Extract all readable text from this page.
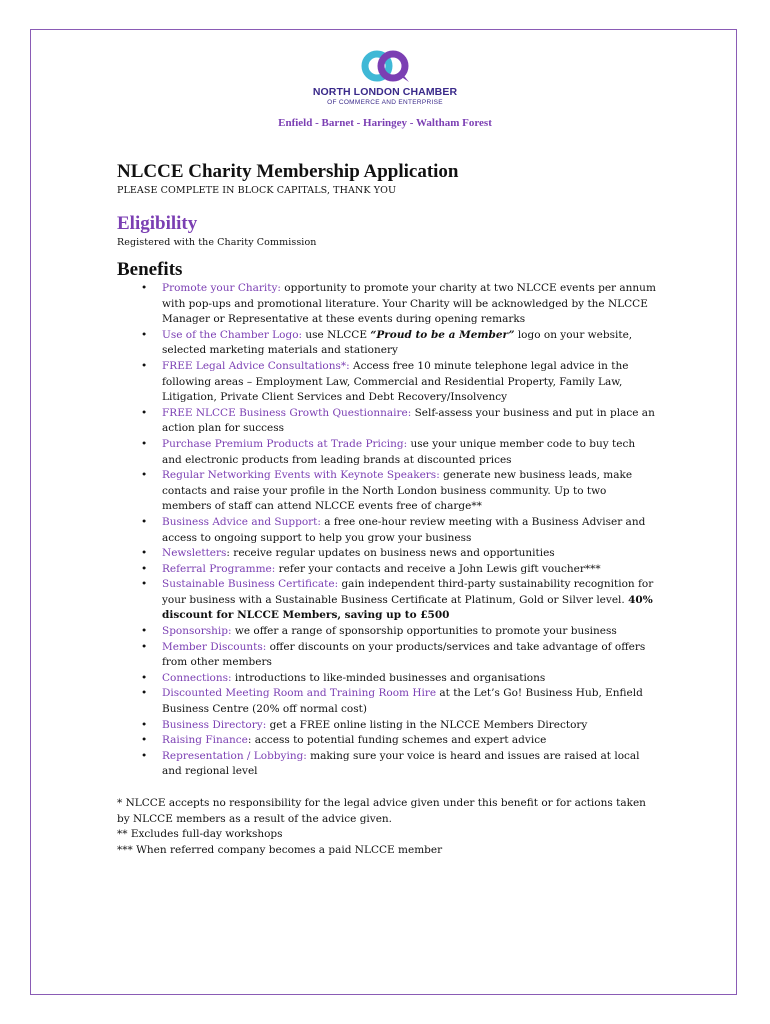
NORTH LONDON CHAMBER
OF COMMERCE AND ENTERPRISE
Enfield - Barnet - Haringey - Waltham Forest
NLCCE Charity Membership Application

PLEASE COMPLETE IN BLOCK CAPITALS, THANK YOU

Eligibility

Registered with the Charity Commission

Benefits
• Promote your Charity: opportunity to promote your charity at two NLCCE events per annum with pop-ups and promotional literature. Your Charity will be acknowledged by the NLCCE Manager or Representative at these events during opening remarks
• Use of the Chamber Logo: use NLCCE “Proud to be a Member” logo on your website, selected marketing materials and stationery
• FREE Legal Advice Consultations*: Access free 10 minute telephone legal advice in the following areas – Employment Law, Commercial and Residential Property, Family Law, Litigation, Private Client Services and Debt Recovery/Insolvency
• FREE NLCCE Business Growth Questionnaire: Self-assess your business and put in place an action plan for success
• Purchase Premium Products at Trade Pricing: use your unique member code to buy tech and electronic products from leading brands at discounted prices
• Regular Networking Events with Keynote Speakers: generate new business leads, make contacts and raise your profile in the North London business community. Up to two members of staff can attend NLCCE events free of charge**
• Business Advice and Support: a free one-hour review meeting with a Business Adviser and access to ongoing support to help you grow your business
• Newsletters: receive regular updates on business news and opportunities
• Referral Programme: refer your contacts and receive a John Lewis gift voucher***
• Sustainable Business Certificate: gain independent third-party sustainability recognition for your business with a Sustainable Business Certificate at Platinum, Gold or Silver level. 40% discount for NLCCE Members, saving up to £500
• Sponsorship: we offer a range of sponsorship opportunities to promote your business
• Member Discounts: offer discounts on your products/services and take advantage of offers from other members
• Connections: introductions to like-minded businesses and organisations
• Discounted Meeting Room and Training Room Hire at the Let’s Go! Business Hub, Enfield Business Centre (20% off normal cost)
• Business Directory: get a FREE online listing in the NLCCE Members Directory
• Raising Finance: access to potential funding schemes and expert advice
• Representation / Lobbying: making sure your voice is heard and issues are raised at local and regional level

* NLCCE accepts no responsibility for the legal advice given under this benefit or for actions taken by NLCCE members as a result of the advice given.

** Excludes full-day workshops

*** When referred company becomes a paid NLCCE member
